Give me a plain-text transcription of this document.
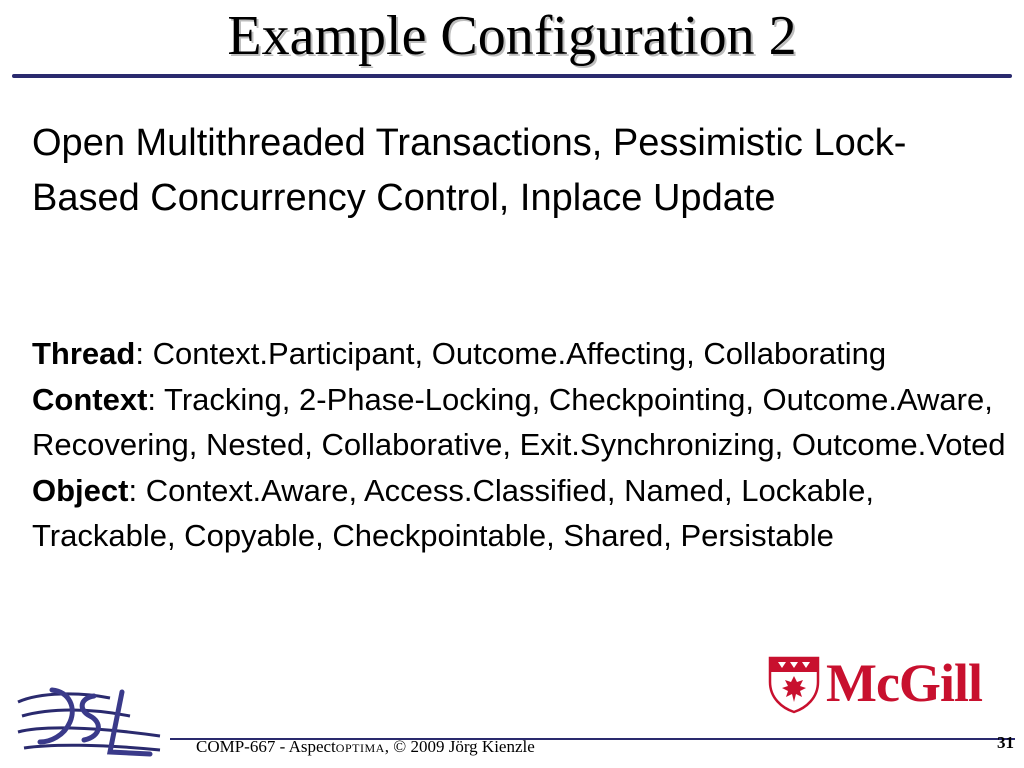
Example Configuration 2

Open Multithreaded Transactions, Pessimistic Lock-Based Concurrency Control, Inplace Update

Thread: Context.Participant, Outcome.Affecting, Collaborating
Context: Tracking, 2-Phase-Locking, Checkpointing, Outcome.Aware, Recovering, Nested, Collaborative, Exit.Synchronizing, Outcome.Voted
Object: Context.Aware, Access.Classified, Named, Lockable, Trackable, Copyable, Checkpointable, Shared, Persistable

McGill
COMP-667 - AspectOPTIMA, © 2009 Jörg Kienzle	31
